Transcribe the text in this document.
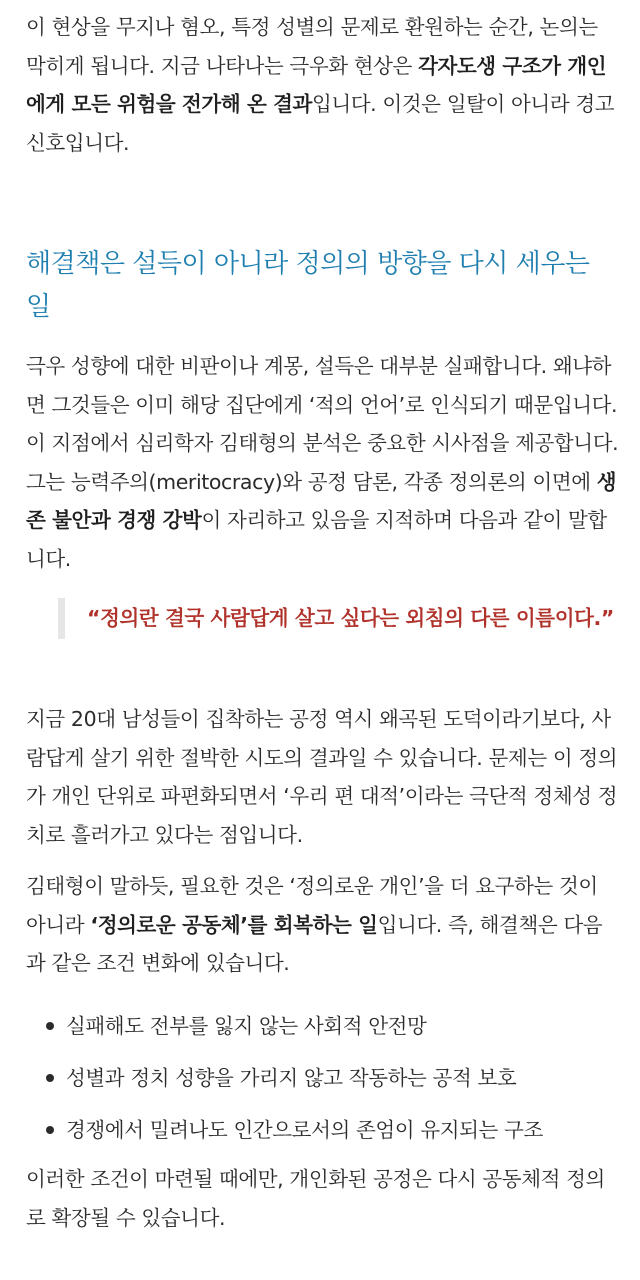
이 현상을 무지나 혐오, 특정 성별의 문제로 환원하는 순간, 논의는 막히게 됩니다. 지금 나타나는 극우화 현상은 각자도생 구조가 개인에게 모든 위험을 전가해 온 결과입니다. 이것은 일탈이 아니라 경고 신호입니다.

해결책은 설득이 아니라 정의의 방향을 다시 세우는 일

극우 성향에 대한 비판이나 계몽, 설득은 대부분 실패합니다. 왜냐하면 그것들은 이미 해당 집단에게 ‘적의 언어’로 인식되기 때문입니다. 이 지점에서 심리학자 김태형의 분석은 중요한 시사점을 제공합니다. 그는 능력주의(meritocracy)와 공정 담론, 각종 정의론의 이면에 생존 불안과 경쟁 강박이 자리하고 있음을 지적하며 다음과 같이 말합니다.

“정의란 결국 사람답게 살고 싶다는 외침의 다른 이름이다.”

지금 20대 남성들이 집착하는 공정 역시 왜곡된 도덕이라기보다, 사람답게 살기 위한 절박한 시도의 결과일 수 있습니다. 문제는 이 정의가 개인 단위로 파편화되면서 ‘우리 편 대적’이라는 극단적 정체성 정치로 흘러가고 있다는 점입니다.

김태형이 말하듯, 필요한 것은 ‘정의로운 개인’을 더 요구하는 것이 아니라 ‘정의로운 공동체’를 회복하는 일입니다. 즉, 해결책은 다음과 같은 조건 변화에 있습니다.

실패해도 전부를 잃지 않는 사회적 안전망
성별과 정치 성향을 가리지 않고 작동하는 공적 보호
경쟁에서 밀려나도 인간으로서의 존엄이 유지되는 구조

이러한 조건이 마련될 때에만, 개인화된 공정은 다시 공동체적 정의로 확장될 수 있습니다.
